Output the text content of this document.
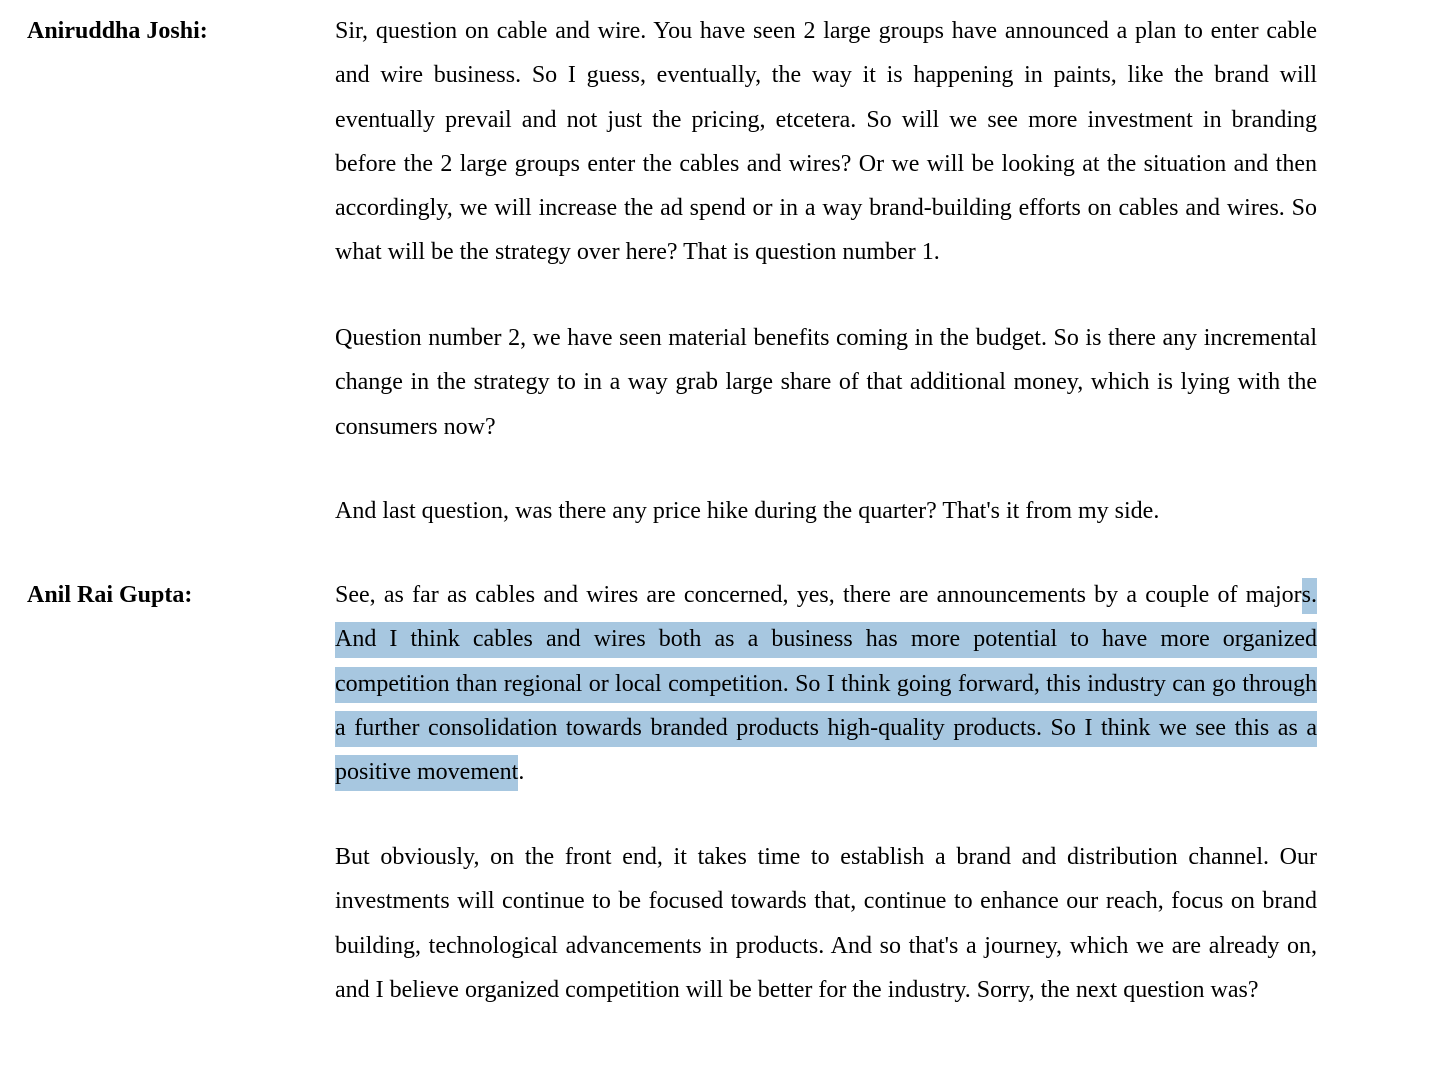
Aniruddha Joshi:	Sir, question on cable and wire. You have seen 2 large groups have announced a plan to enter cable and wire business. So I guess, eventually, the way it is happening in paints, like the brand will eventually prevail and not just the pricing, etcetera. So will we see more investment in branding before the 2 large groups enter the cables and wires? Or we will be looking at the situation and then accordingly, we will increase the ad spend or in a way brand-building efforts on cables and wires. So what will be the strategy over here? That is question number 1.

Question number 2, we have seen material benefits coming in the budget. So is there any incremental change in the strategy to in a way grab large share of that additional money, which is lying with the consumers now?

And last question, was there any price hike during the quarter? That's it from my side.

Anil Rai Gupta:	See, as far as cables and wires are concerned, yes, there are announcements by a couple of majors. And I think cables and wires both as a business has more potential to have more organized competition than regional or local competition. So I think going forward, this industry can go through a further consolidation towards branded products high-quality products. So I think we see this as a positive movement.

But obviously, on the front end, it takes time to establish a brand and distribution channel. Our investments will continue to be focused towards that, continue to enhance our reach, focus on brand building, technological advancements in products. And so that's a journey, which we are already on, and I believe organized competition will be better for the industry. Sorry, the next question was?
